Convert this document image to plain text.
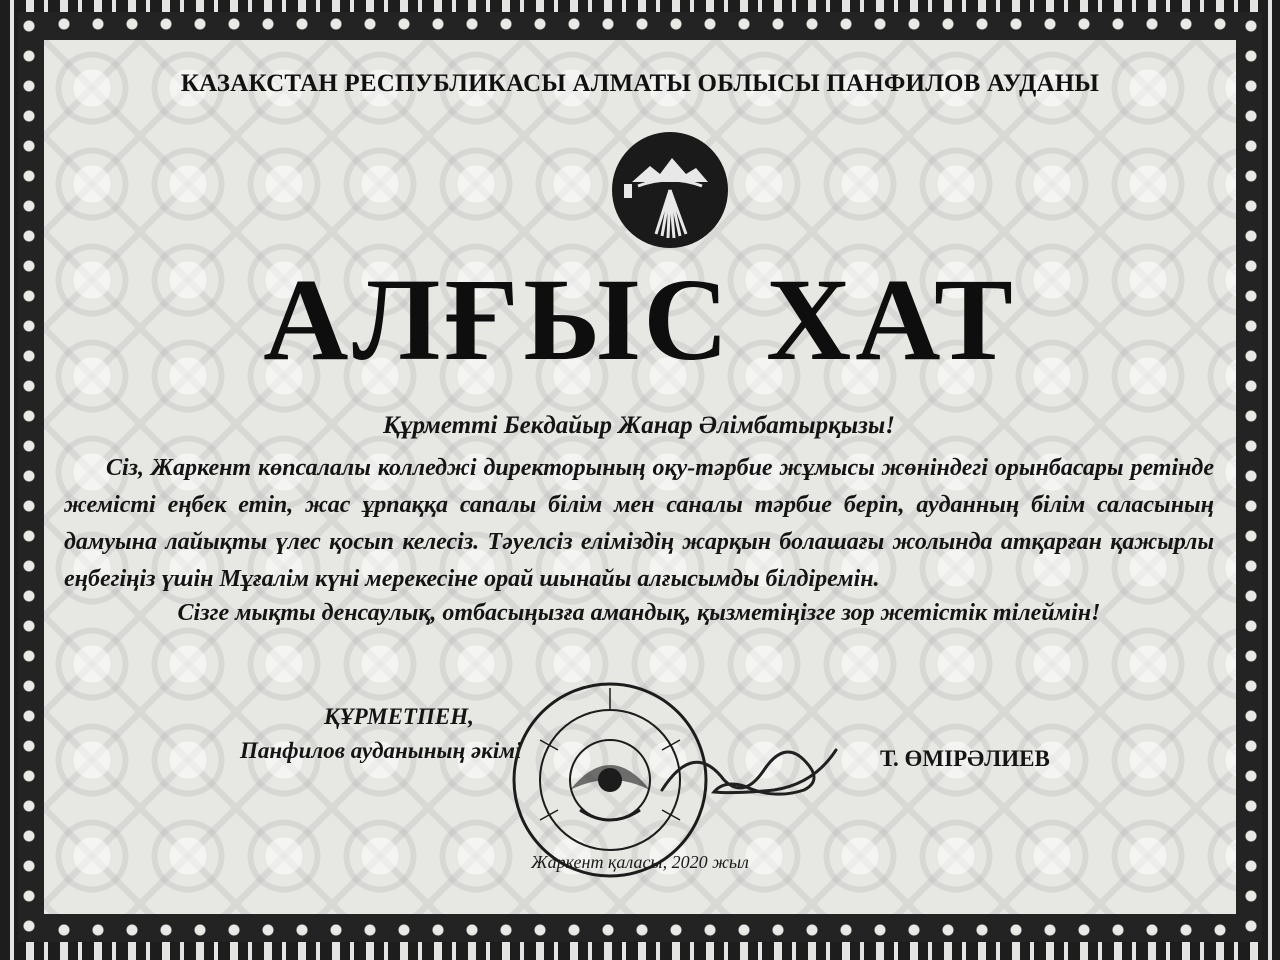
КАЗАКСТАН РЕСПУБЛИКАСЫ АЛМАТЫ ОБЛЫСЫ ПАНФИЛОВ АУДАНЫ
АЛҒЫС ХАТ

Құрметті Бекдайыр Жанар Әлімбатырқызы!

Сіз, Жаркент көпсалалы колледжі директорының оқу-тәрбие жұмысы жөніндегі орынбасары ретінде жемісті еңбек етіп, жас ұрпаққа сапалы білім мен саналы тәрбие беріп, ауданның білім саласының дамуына лайықты үлес қосып келесіз. Тәуелсіз еліміздің жарқын болашағы жолында атқарған қажырлы еңбегіңіз үшін Мұғалім күні мерекесіне орай шынайы алғысымды білдіремін.

Сізге мықты денсаулық, отбасыңызға амандық, қызметіңізге зор жетістік тілеймін!

ҚҰРМЕТПЕН,
Панфилов ауданының әкімі	Т. ӨМІРӘЛИЕВ
Жаркент қаласы, 2020 жыл
